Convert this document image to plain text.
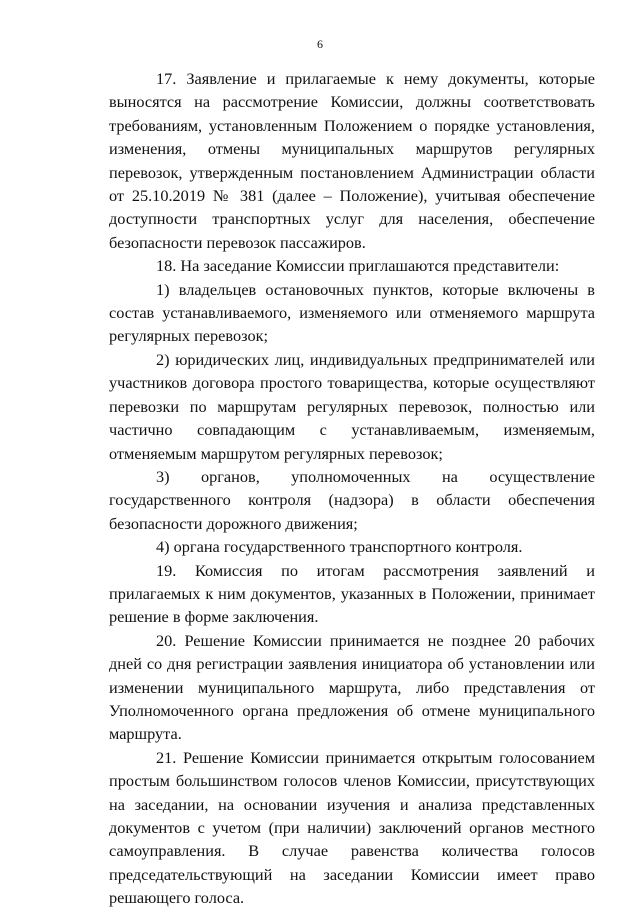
6

17. Заявление и прилагаемые к нему документы, которые выносятся на рассмотрение Комиссии, должны соответствовать требованиям, установленным Положением о порядке установления, изменения, отмены муниципальных маршрутов регулярных перевозок, утвержденным постановлением Администрации области от 25.10.2019 № 381 (далее – Положение), учитывая обеспечение доступности транспортных услуг для населения, обеспечение безопасности перевозок пассажиров.

18. На заседание Комиссии приглашаются представители:

1) владельцев остановочных пунктов, которые включены в состав устанавливаемого, изменяемого или отменяемого маршрута регулярных перевозок;

2) юридических лиц, индивидуальных предпринимателей или участников договора простого товарищества, которые осуществляют перевозки по маршрутам регулярных перевозок, полностью или частично совпадающим с устанавливаемым, изменяемым, отменяемым маршрутом регулярных перевозок;

3) органов, уполномоченных на осуществление государственного контроля (надзора) в области обеспечения безопасности дорожного движения;

4) органа государственного транспортного контроля.

19. Комиссия по итогам рассмотрения заявлений и прилагаемых к ним документов, указанных в Положении, принимает решение в форме заключения.

20. Решение Комиссии принимается не позднее 20 рабочих дней со дня регистрации заявления инициатора об установлении или изменении муниципального маршрута, либо представления от Уполномоченного органа предложения об отмене муниципального маршрута.

21. Решение Комиссии принимается открытым голосованием простым большинством голосов членов Комиссии, присутствующих на заседании, на основании изучения и анализа представленных документов с учетом (при наличии) заключений органов местного самоуправления. В случае равенства количества голосов председательствующий на заседании Комиссии имеет право решающего голоса.
